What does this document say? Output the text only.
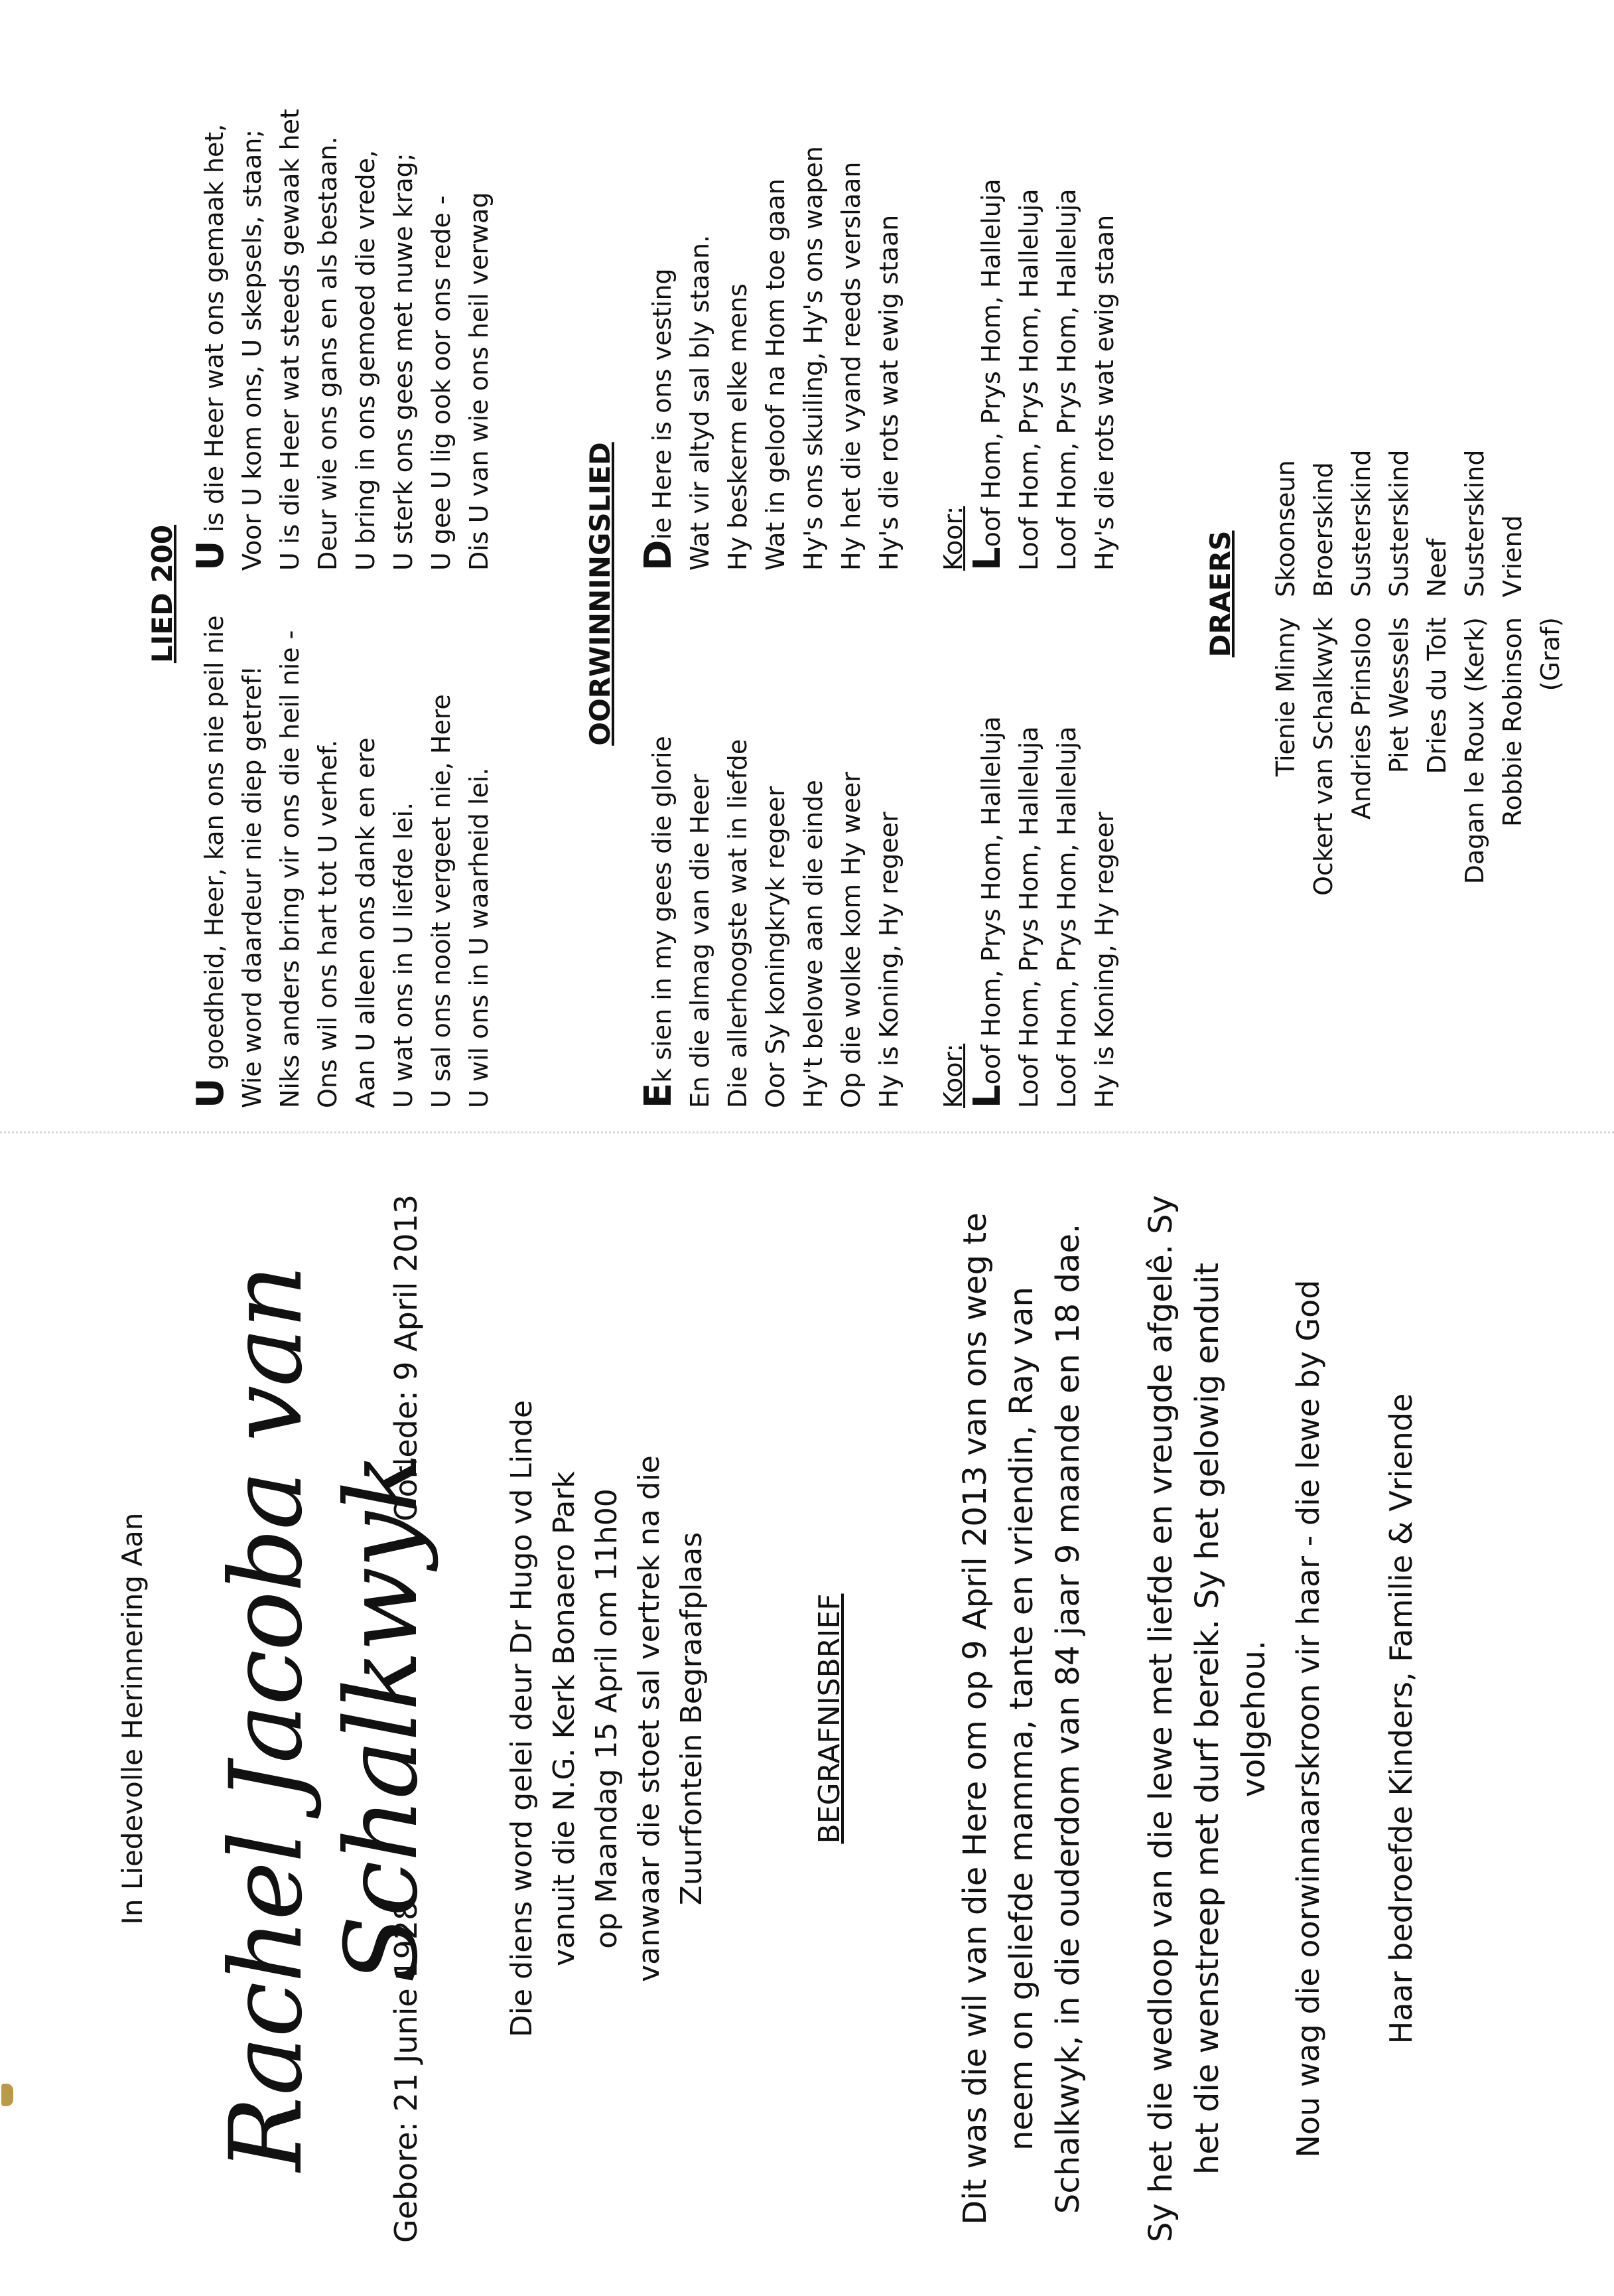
LIED 200
U goedheid, Heer, kan ons nie peil nie Wie word daardeur nie diep getref! Niks anders bring vir ons die heil nie - Ons wil ons hart tot U verhef. Aan U alleen ons dank en ere U wat ons in U liefde lei. U sal ons nooit vergeet nie, Here U wil ons in U waarheid lei.
U is die Heer wat ons gemaak het, Voor U kom ons, U skepsels, staan; U is die Heer wat steeds gewaak het Deur wie ons gans en als bestaan. U bring in ons gemoed die vrede, U sterk ons gees met nuwe krag; U gee U lig ook oor ons rede - Dis U van wie ons heil verwag
OORWINNINGSLIED
Ek sien in my gees die glorie En die almag van die Heer Die allerhoogste wat in liefde Oor Sy koningkryk regeer Hy't belowe aan die einde Op die wolke kom Hy weer Hy is Koning, Hy regeer Koor:
Loof Hom, Prys Hom, Halleluja Loof Hom, Prys Hom, Halleluja Loof Hom, Prys Hom, Halleluja Hy is Koning, Hy regeer
Die Here is ons vesting Wat vir altyd sal bly staan. Hy beskerm elke mens Wat in geloof na Hom toe gaan Hy's ons skuiling, Hy's ons wapen Hy het die vyand reeds verslaan Hy's die rots wat ewig staan Koor:
Loof Hom, Prys Hom, Halleluja Loof Hom, Prys Hom, Halleluja Loof Hom, Prys Hom, Halleluja Hy's die rots wat ewig staan
DRAERS
Tienie Minny
Skoonseun
Ockert van Schalkwyk
Broerskind
Andries Prinsloo
Susterskind
Piet Wessels
Susterskind
Dries du Toit
Neef
Dagan le Roux (Kerk)
Susterskind
Robbie Robinson (Graf)
Vriend
In Liedevolle Herinnering Aan Rachel Jacoba van Schalkwyk
Gebore: 21 Junie 1928
Oorlede: 9 April 2013
Die diens word gelei deur Dr Hugo vd Linde vanuit die N.G. Kerk Bonaero Park op Maandag 15 April om 11h00 vanwaar die stoet sal vertrek na die Zuurfontein Begraafplaas	BEGRAFNISBRIEF	Dit was die wil van die Here om op 9 April 2013 van ons weg te neem on geliefde mamma, tante en vriendin, Ray van Schalkwyk, in die ouderdom van 84 jaar 9 maande en 18 dae. Sy het die wedloop van die lewe met liefde en vreugde afgelê. Sy het die wenstreep met durf bereik. Sy het gelowig enduit volgehou. Nou wag die oorwinnaarskroon vir haar - die lewe by God Haar bedroefde Kinders, Familie & Vriende
